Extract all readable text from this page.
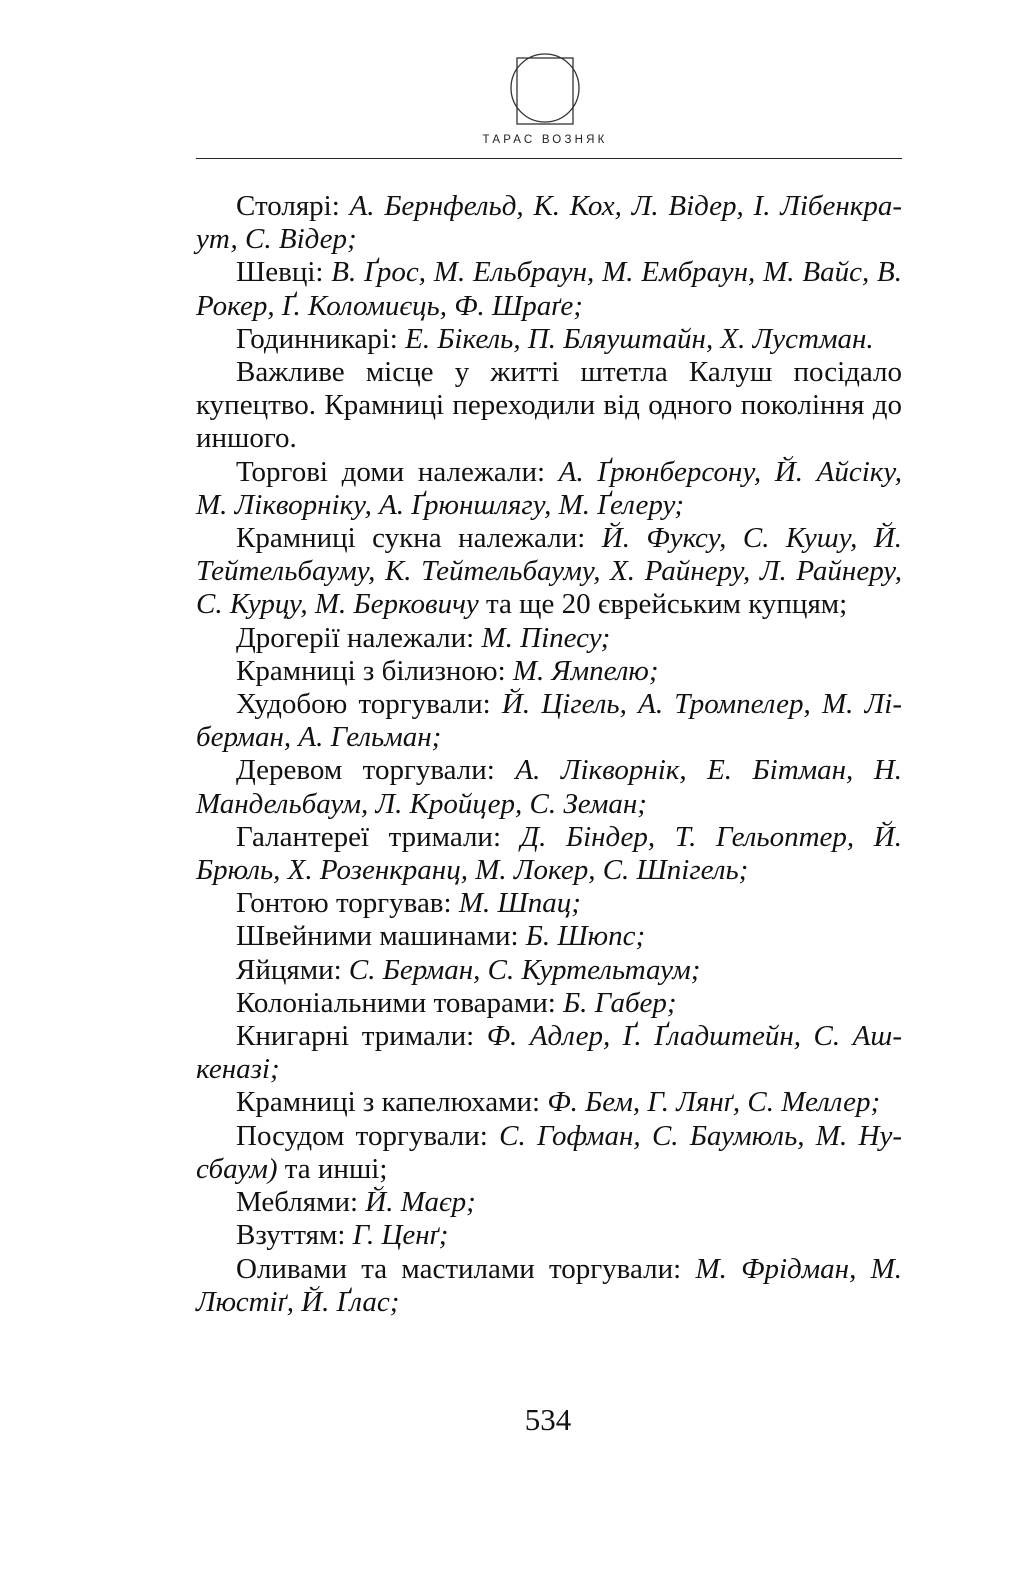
ТАРАС ВОЗНЯК

Столярі: А. Бернфельд, К. Кох, Л. Відер, І. Лібенкраут, С. Відер;

Шевці: В. Ґрос, М. Ельбраун, М. Ембраун, М. Вайс, В. Рокер, Ґ. Коломиєць, Ф. Шраґе;

Годинникарі: Е. Бікель, П. Бляуштайн, Х. Лустман.

Важливе місце у житті штетла Калуш посідало купецтво. Крамниці переходили від одного покоління до иншого.

Торгові доми належали: А. Ґрюнберсону, Й. Айсіку, М. Лікворніку, А. Ґрюншлягу, М. Ґелеру;

Крамниці сукна належали: Й. Фуксу, С. Кушу, Й. Тейтельбауму, К. Тейтельбауму, Х. Райнеру, Л. Райнеру, С. Курцу, М. Берковичу та ще 20 єврейським купцям;

Дрогерії належали: М. Піпесу;

Крамниці з білизною: М. Ямпелю;

Худобою торгували: Й. Цігель, А. Тромпелер, М. Ліберман, А. Гельман;

Деревом торгували: А. Лікворнік, Е. Бітман, Н. Мандельбаум, Л. Кройцер, С. Земан;

Галантереї тримали: Д. Біндер, Т. Гельоптер, Й. Брюль, Х. Розенкранц, М. Локер, С. Шпігель;

Гонтою торгував: М. Шпац;

Швейними машинами: Б. Шюпс;

Яйцями: С. Берман, С. Куртельтаум;

Колоніальними товарами: Б. Габер;

Книгарні тримали: Ф. Адлер, Ґ. Ґладштейн, С. Ашкеназі;

Крамниці з капелюхами: Ф. Бем, Г. Лянґ, С. Меллер;

Посудом торгували: С. Гофман, С. Баумюль, М. Нусбаум) та инші;

Меблями: Й. Маєр;

Взуттям: Г. Ценґ;

Оливами та мастилами торгували: М. Фрідман, М. Люстіґ, Й. Ґлас;

534
